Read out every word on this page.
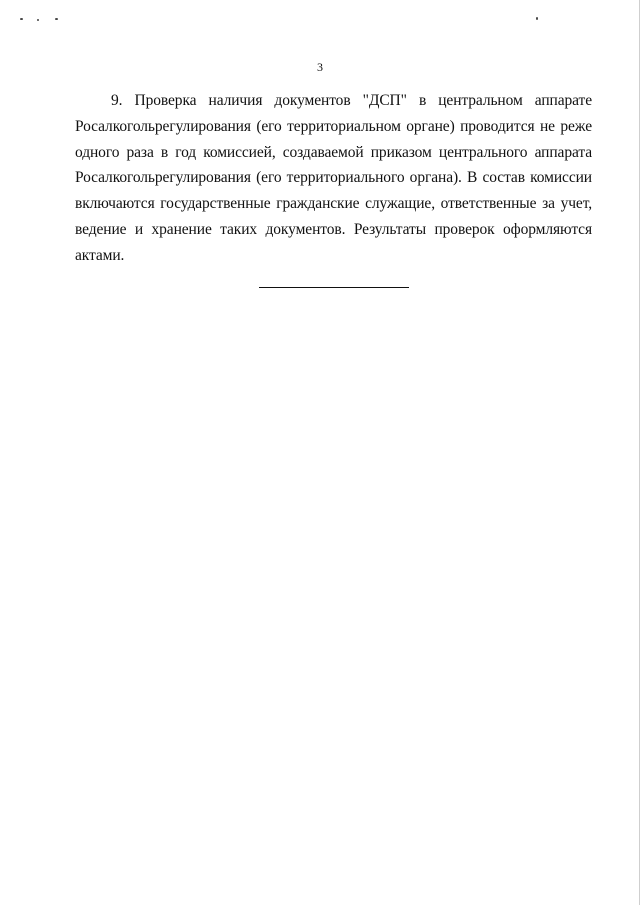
3

9. Проверка наличия документов "ДСП" в центральном аппарате Росалкогольрегулирования (его территориальном органе) проводится не реже одного раза в год комиссией, создаваемой приказом центрального аппарата Росалкогольрегулирования (его территориального органа). В состав комиссии включаются государственные гражданские служащие, ответственные за учет, ведение и хранение таких документов. Результаты проверок оформляются актами.
